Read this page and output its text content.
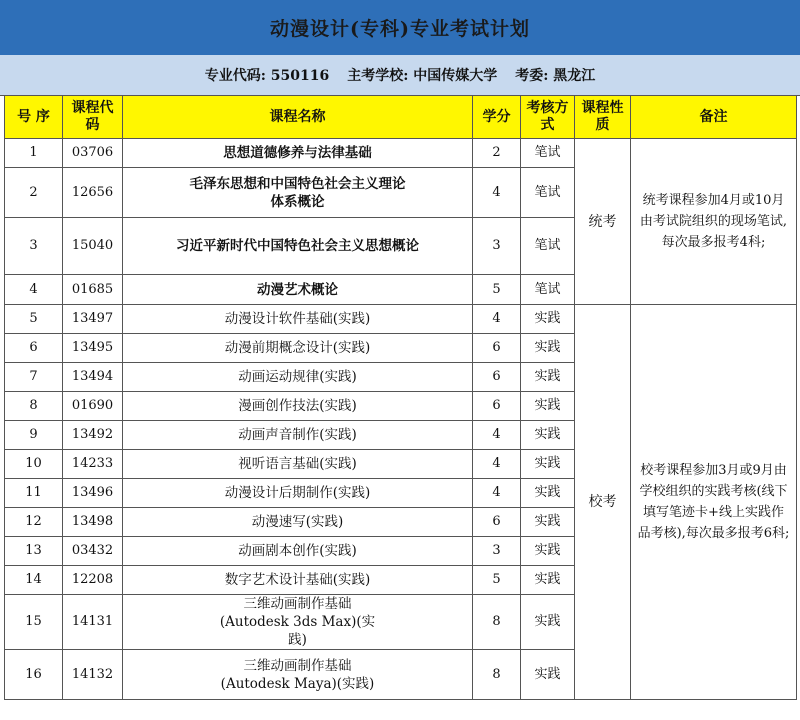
动漫设计(专科)专业考试计划
专业代码: 550116 主考学校: 中国传媒大学 考委: 黑龙江
号 序	课程代码	课程名称	学分	考核方式	课程性质	备注
1	03706	思想道德修养与法律基础	2	笔试	统考	统考课程参加4月或10月由考试院组织的现场笔试, 每次最多报考4科;
2	12656	毛泽东思想和中国特色社会主义理论体系概论	4	笔试		
3	15040	习近平新时代中国特色社会主义思想概论	3	笔试		
4	01685	动漫艺术概论	5	笔试		
5	13497	动漫设计软件基础(实践)	4	实践	校考	校考课程参加3月或9月由学校组织的实践考核(线下填写笔迹卡+线上实践作品考核),每次最多报考6科;
6	13495	动漫前期概念设计(实践)	6	实践		
7	13494	动画运动规律(实践)	6	实践		
8	01690	漫画创作技法(实践)	6	实践		
9	13492	动画声音制作(实践)	4	实践		
10	14233	视听语言基础(实践)	4	实践		
11	13496	动漫设计后期制作(实践)	4	实践		
12	13498	动漫速写(实践)	6	实践		
13	03432	动画剧本创作(实践)	3	实践		
14	12208	数字艺术设计基础(实践)	5	实践		
15	14131	三维动画制作基础(Autodesk 3ds Max)(实践)	8	实践		
16	14132	三维动画制作基础(Autodesk Maya)(实践)	8	实践		
